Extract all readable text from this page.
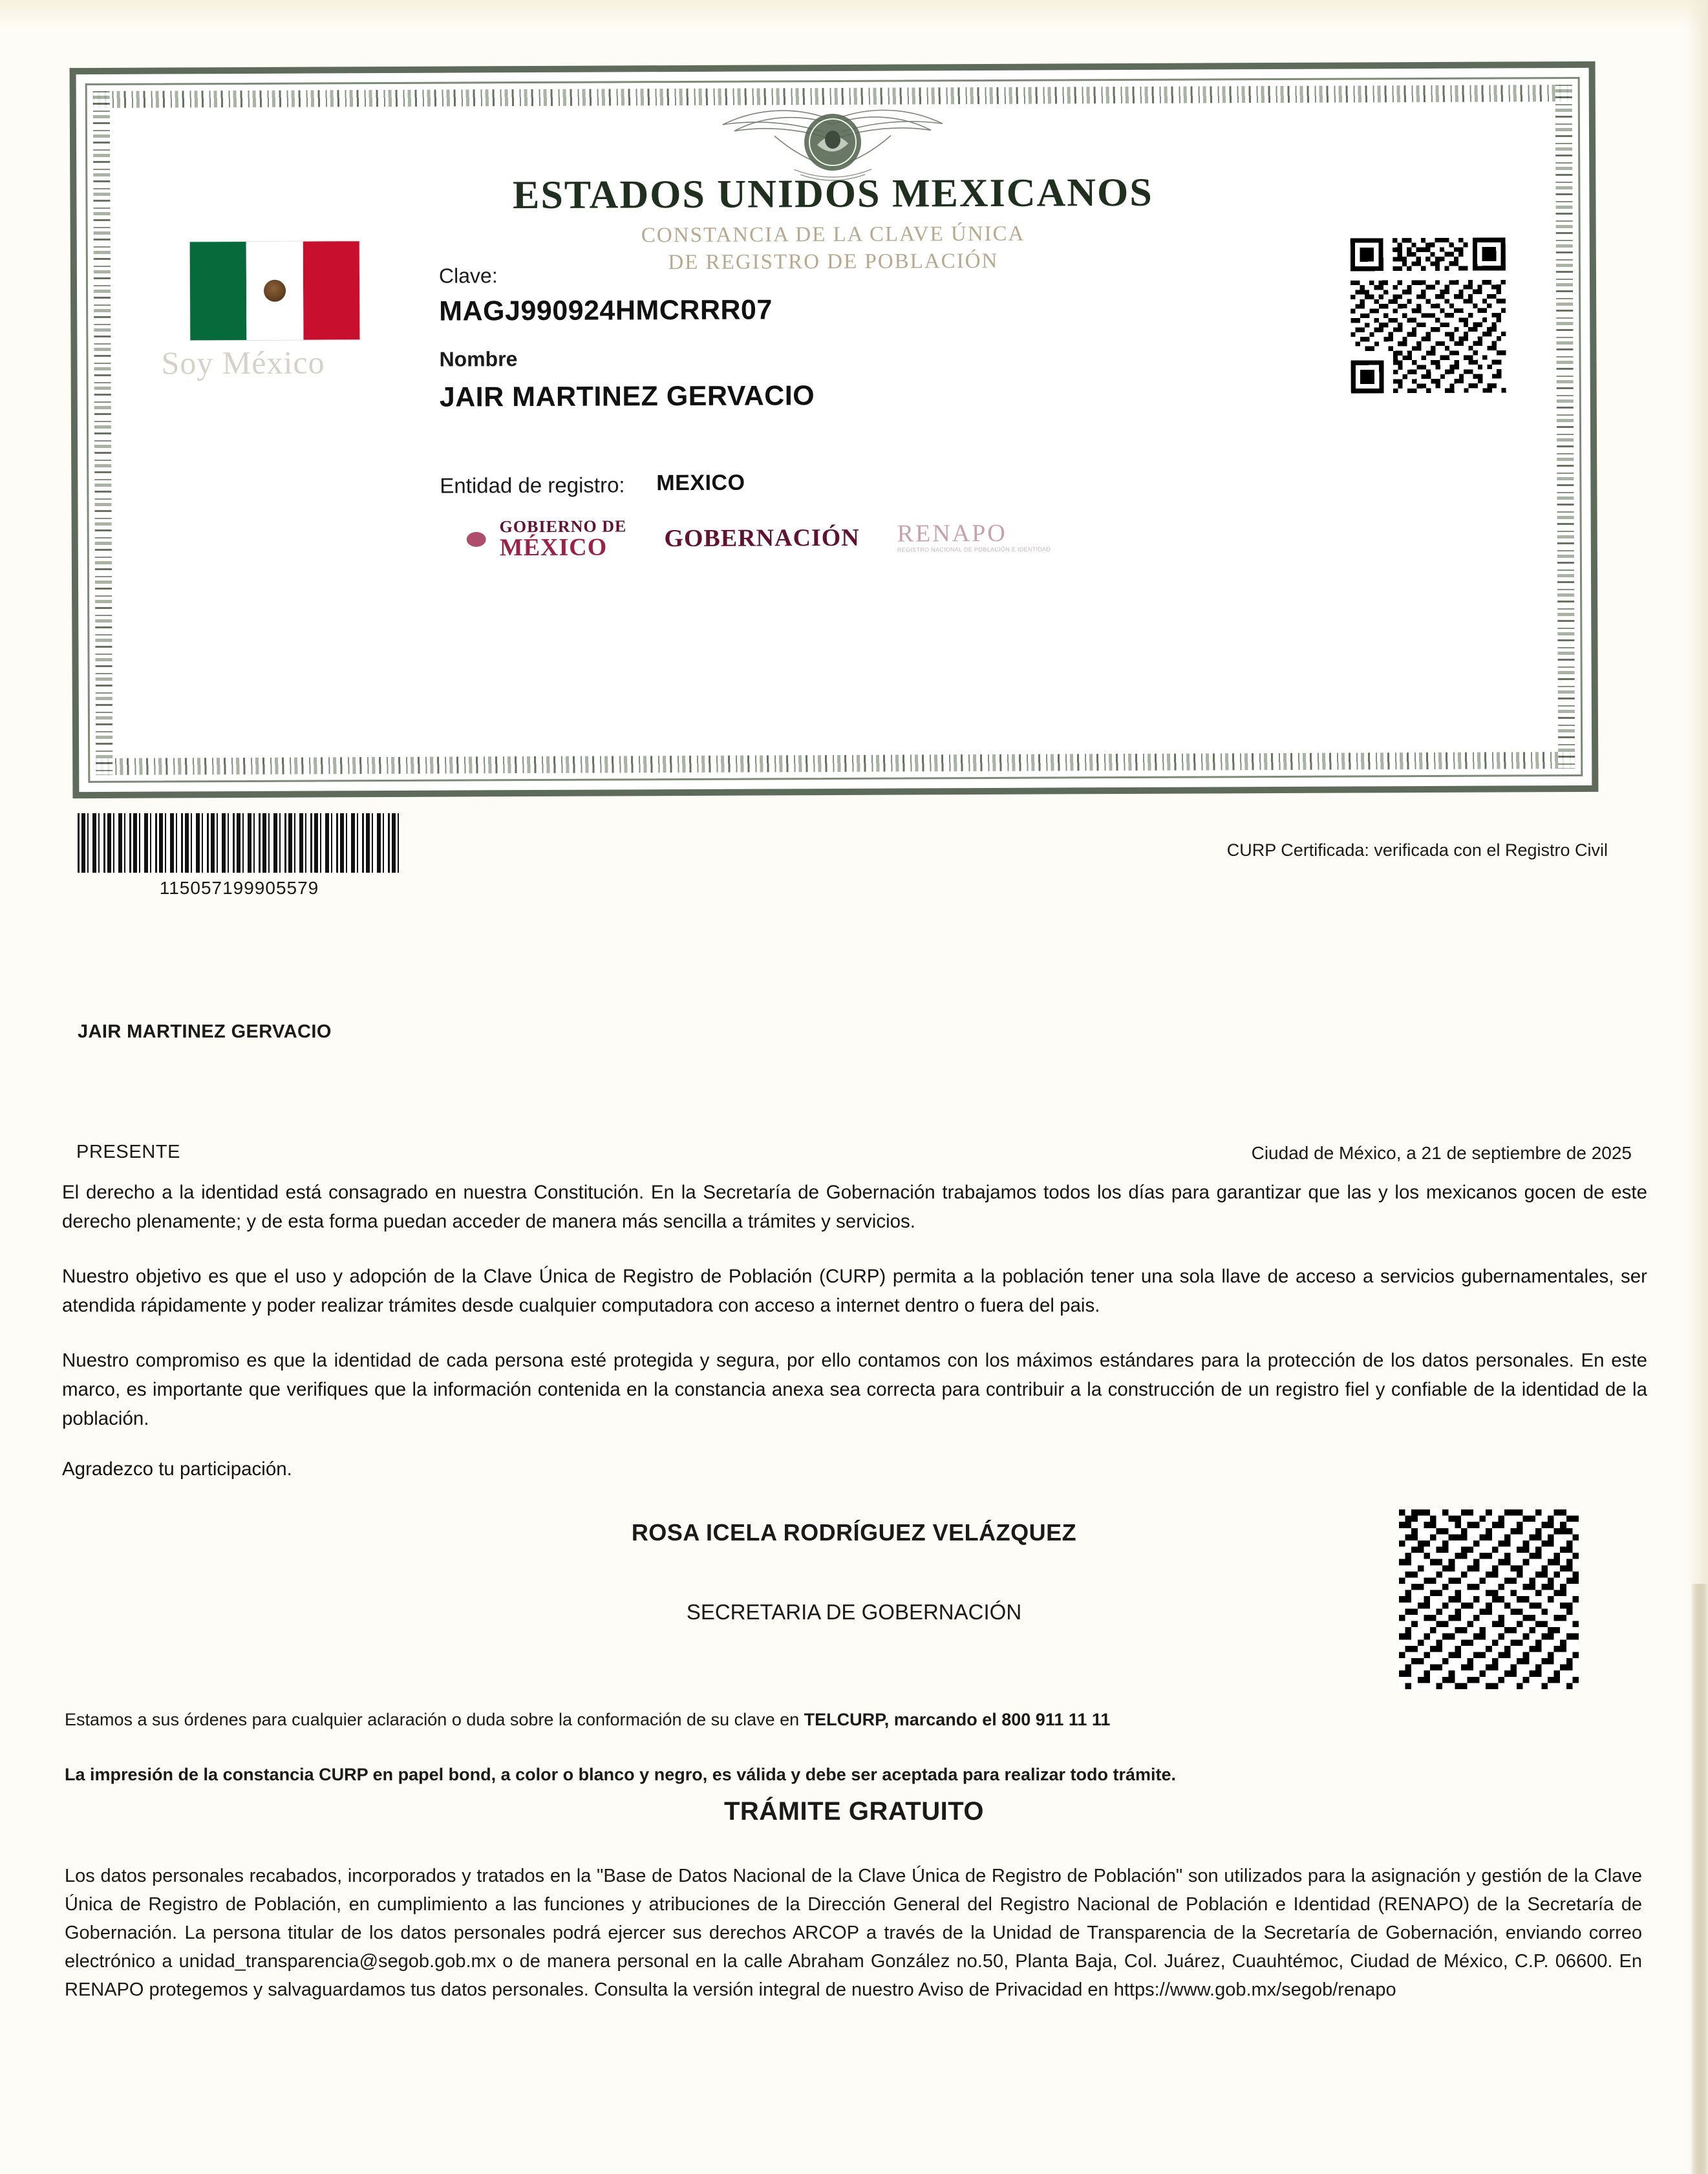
ESTADOS UNIDOS MEXICANOS
CONSTANCIA DE LA CLAVE ÚNICA
DE REGISTRO DE POBLACIÓN
Soy México
Clave:
MAGJ990924HMCRRR07
Nombre
JAIR MARTINEZ GERVACIO
Entidad de registro: MEXICO
GOBIERNO DE
MÉXICO	GOBERNACIÓN RENAPO
REGISTRO NACIONAL DE POBLACIÓN E IDENTIDAD
115057199905579
CURP Certificada: verificada con el Registro Civil
JAIR MARTINEZ GERVACIO
PRESENTE	Ciudad de México, a 21 de septiembre de 2025
El derecho a la identidad está consagrado en nuestra Constitución. En la Secretaría de Gobernación trabajamos todos los días para garantizar que las y los mexicanos gocen de este derecho plenamente; y de esta forma puedan acceder de manera más sencilla a trámites y servicios.
Nuestro objetivo es que el uso y adopción de la Clave Única de Registro de Población (CURP) permita a la población tener una sola llave de acceso a servicios gubernamentales, ser atendida rápidamente y poder realizar trámites desde cualquier computadora con acceso a internet dentro o fuera del pais.
Nuestro compromiso es que la identidad de cada persona esté protegida y segura, por ello contamos con los máximos estándares para la protección de los datos personales. En este marco, es importante que verifiques que la información contenida en la constancia anexa sea correcta para contribuir a la construcción de un registro fiel y confiable de la identidad de la población.
Agradezco tu participación.
ROSA ICELA RODRÍGUEZ VELÁZQUEZ
SECRETARIA DE GOBERNACIÓN
Estamos a sus órdenes para cualquier aclaración o duda sobre la conformación de su clave en TELCURP, marcando el 800 911 11 11
La impresión de la constancia CURP en papel bond, a color o blanco y negro, es válida y debe ser aceptada para realizar todo trámite.
TRÁMITE GRATUITO
Los datos personales recabados, incorporados y tratados en la "Base de Datos Nacional de la Clave Única de Registro de Población" son utilizados para la asignación y gestión de la Clave Única de Registro de Población, en cumplimiento a las funciones y atribuciones de la Dirección General del Registro Nacional de Población e Identidad (RENAPO) de la Secretaría de Gobernación. La persona titular de los datos personales podrá ejercer sus derechos ARCOP a través de la Unidad de Transparencia de la Secretaría de Gobernación, enviando correo electrónico a unidad_transparencia@segob.gob.mx o de manera personal en la calle Abraham González no.50, Planta Baja, Col. Juárez, Cuauhtémoc, Ciudad de México, C.P. 06600. En RENAPO protegemos y salvaguardamos tus datos personales. Consulta la versión integral de nuestro Aviso de Privacidad en https://www.gob.mx/segob/renapo
